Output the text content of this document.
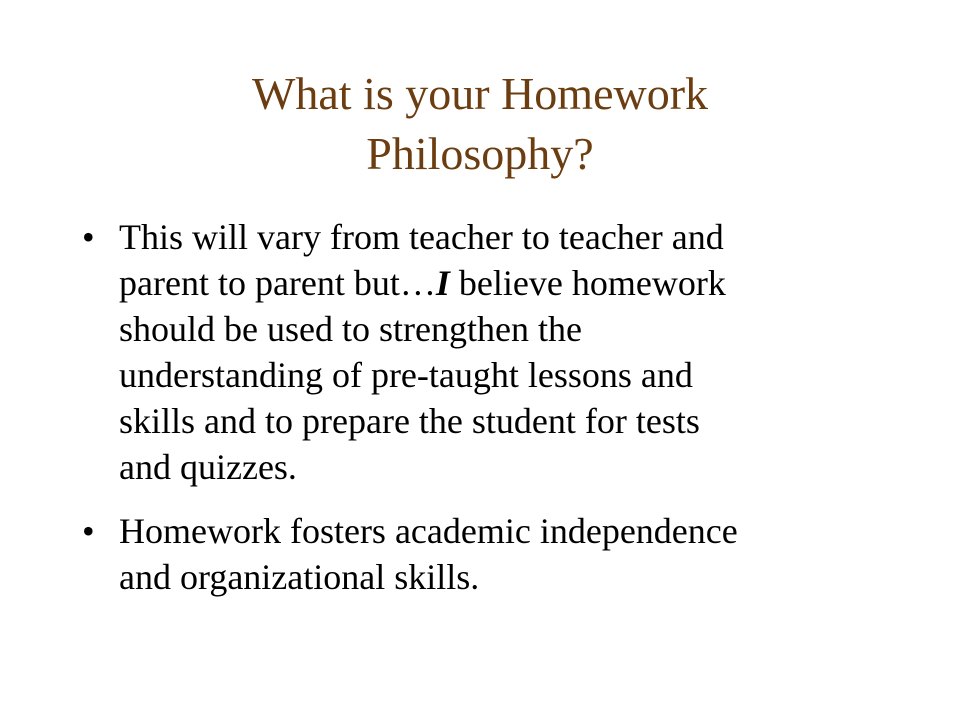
What is your Homework
Philosophy?
• This will vary from teacher to teacher and
parent to parent but…I believe homework
should be used to strengthen the
understanding of pre-taught lessons and
skills and to prepare the student for tests
and quizzes.
• Homework fosters academic independence
and organizational skills.
